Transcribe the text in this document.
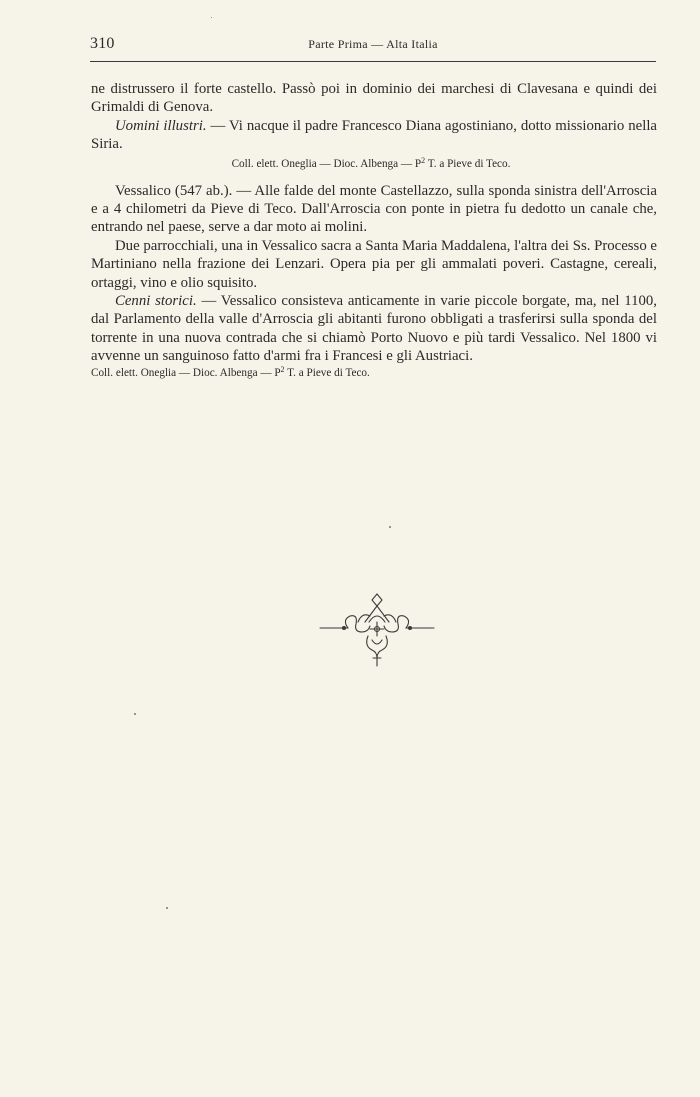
310	Parte Prima — Alta Italia

ne distrussero il forte castello. Passò poi in dominio dei marchesi di Clavesana e quindi dei Grimaldi di Genova.

Uomini illustri. — Vi nacque il padre Francesco Diana agostiniano, dotto missionario nella Siria.

Coll. elett. Oneglia — Dioc. Albenga — $P^2$ T. a Pieve di Teco.

Vessalico (547 ab.). — Alle falde del monte Castellazzo, sulla sponda sinistra dell'Arroscia e a 4 chilometri da Pieve di Teco. Dall'Arroscia con ponte in pietra fu dedotto un canale che, entrando nel paese, serve a dar moto ai molini.

Due parrocchiali, una in Vessalico sacra a Santa Maria Maddalena, l'altra dei Ss. Processo e Martiniano nella frazione dei Lenzari. Opera pia per gli ammalati poveri. Castagne, cereali, ortaggi, vino e olio squisito.

Cenni storici. — Vessalico consisteva anticamente in varie piccole borgate, ma, nel 1100, dal Parlamento della valle d'Arroscia gli abitanti furono obbligati a trasferirsi sulla sponda del torrente in una nuova contrada che si chiamò Porto Nuovo e più tardi Vessalico. Nel 1800 vi avvenne un sanguinoso fatto d'armi fra i Francesi e gli Austriaci.

Coll. elett. Oneglia — Dioc. Albenga — $P^2$ T. a Pieve di Teco.
